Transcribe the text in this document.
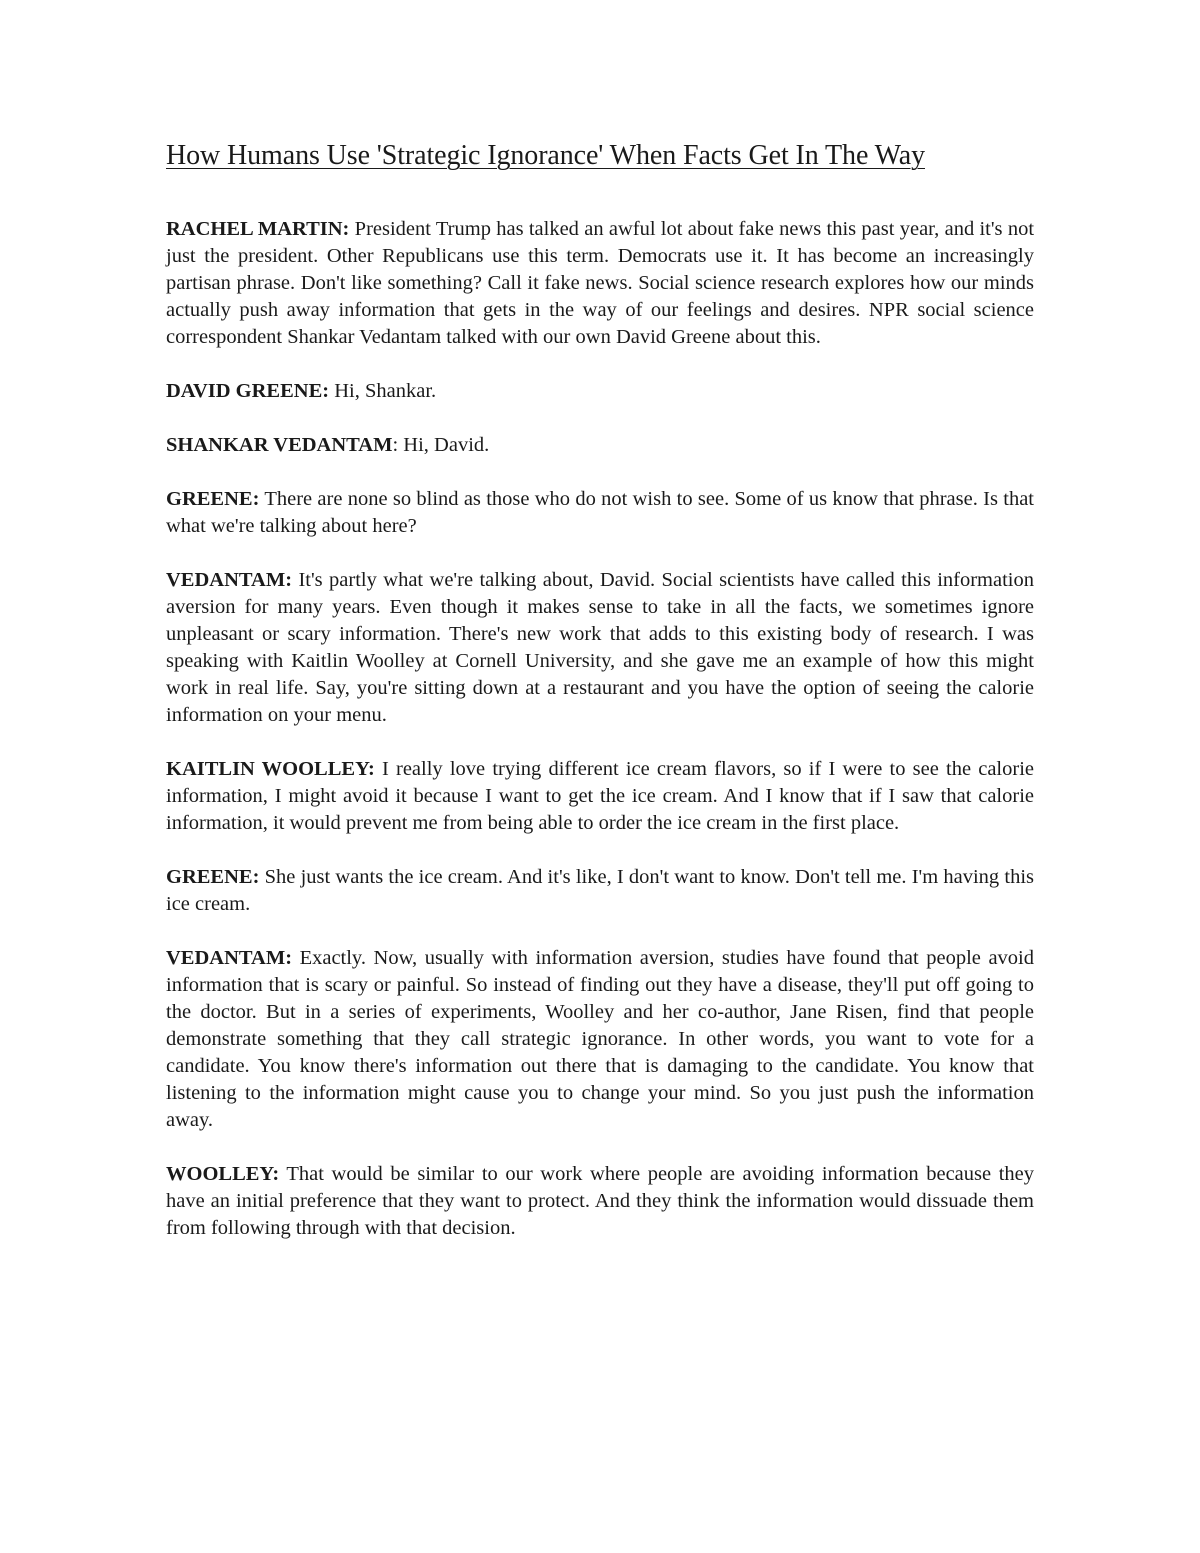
How Humans Use 'Strategic Ignorance' When Facts Get In The Way

RACHEL MARTIN: President Trump has talked an awful lot about fake news this past year, and it's not just the president. Other Republicans use this term. Democrats use it. It has become an increasingly partisan phrase. Don't like something? Call it fake news. Social science research explores how our minds actually push away information that gets in the way of our feelings and desires. NPR social science correspondent Shankar Vedantam talked with our own David Greene about this.

DAVID GREENE: Hi, Shankar.

SHANKAR VEDANTAM: Hi, David.

GREENE: There are none so blind as those who do not wish to see. Some of us know that phrase. Is that what we're talking about here?

VEDANTAM: It's partly what we're talking about, David. Social scientists have called this information aversion for many years. Even though it makes sense to take in all the facts, we sometimes ignore unpleasant or scary information. There's new work that adds to this existing body of research. I was speaking with Kaitlin Woolley at Cornell University, and she gave me an example of how this might work in real life. Say, you're sitting down at a restaurant and you have the option of seeing the calorie information on your menu.

KAITLIN WOOLLEY: I really love trying different ice cream flavors, so if I were to see the calorie information, I might avoid it because I want to get the ice cream. And I know that if I saw that calorie information, it would prevent me from being able to order the ice cream in the first place.

GREENE: She just wants the ice cream. And it's like, I don't want to know. Don't tell me. I'm having this ice cream.

VEDANTAM: Exactly. Now, usually with information aversion, studies have found that people avoid information that is scary or painful. So instead of finding out they have a disease, they'll put off going to the doctor. But in a series of experiments, Woolley and her co-author, Jane Risen, find that people demonstrate something that they call strategic ignorance. In other words, you want to vote for a candidate. You know there's information out there that is damaging to the candidate. You know that listening to the information might cause you to change your mind. So you just push the information away.

WOOLLEY: That would be similar to our work where people are avoiding information because they have an initial preference that they want to protect. And they think the information would dissuade them from following through with that decision.
